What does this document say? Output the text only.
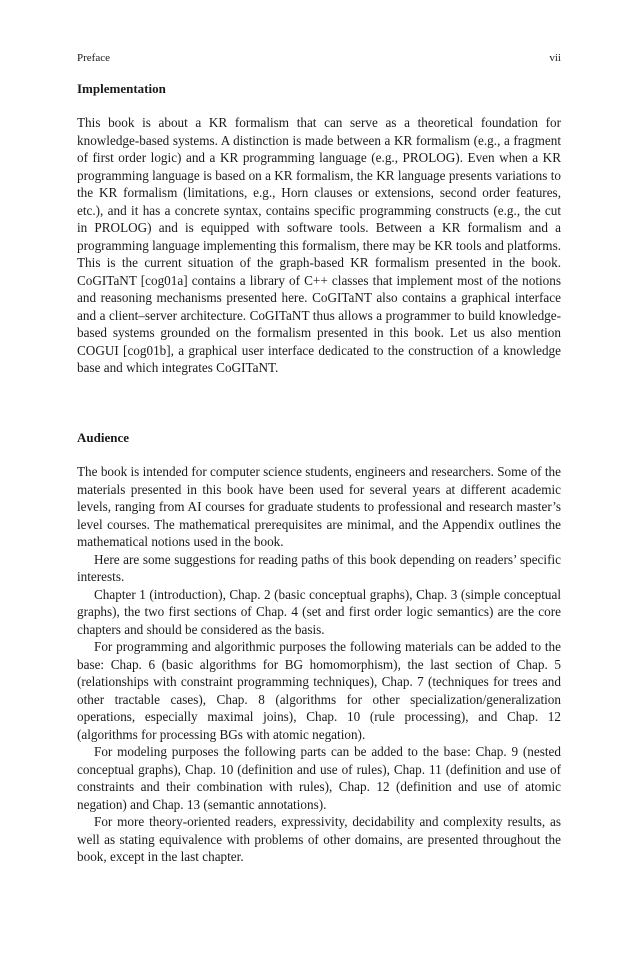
Preface	vii
Implementation

This book is about a KR formalism that can serve as a theoretical foundation for knowledge-based systems. A distinction is made between a KR formalism (e.g., a fragment of first order logic) and a KR programming language (e.g., PROLOG). Even when a KR programming language is based on a KR formalism, the KR language presents variations to the KR formalism (limitations, e.g., Horn clauses or extensions, second order features, etc.), and it has a concrete syntax, contains specific programming constructs (e.g., the cut in PROLOG) and is equipped with software tools. Between a KR formalism and a programming language implementing this formalism, there may be KR tools and platforms. This is the current situation of the graph-based KR formalism presented in the book. CoGITaNT [cog01a] contains a library of C++ classes that implement most of the notions and reasoning mechanisms presented here. CoGITaNT also contains a graphical interface and a client–server architecture. CoGITaNT thus allows a programmer to build knowledge-based systems grounded on the formalism presented in this book. Let us also mention COGUI [cog01b], a graphical user interface dedicated to the construction of a knowledge base and which integrates CoGITaNT.

Audience

The book is intended for computer science students, engineers and researchers. Some of the materials presented in this book have been used for several years at different academic levels, ranging from AI courses for graduate students to professional and research master’s level courses. The mathematical prerequisites are minimal, and the Appendix outlines the mathematical notions used in the book.

Here are some suggestions for reading paths of this book depending on readers’ specific interests.

Chapter 1 (introduction), Chap. 2 (basic conceptual graphs), Chap. 3 (simple conceptual graphs), the two first sections of Chap. 4 (set and first order logic semantics) are the core chapters and should be considered as the basis.

For programming and algorithmic purposes the following materials can be added to the base: Chap. 6 (basic algorithms for BG homomorphism), the last section of Chap. 5 (relationships with constraint programming techniques), Chap. 7 (techniques for trees and other tractable cases), Chap. 8 (algorithms for other specialization/generalization operations, especially maximal joins), Chap. 10 (rule processing), and Chap. 12 (algorithms for processing BGs with atomic negation).

For modeling purposes the following parts can be added to the base: Chap. 9 (nested conceptual graphs), Chap. 10 (definition and use of rules), Chap. 11 (definition and use of constraints and their combination with rules), Chap. 12 (definition and use of atomic negation) and Chap. 13 (semantic annotations).

For more theory-oriented readers, expressivity, decidability and complexity results, as well as stating equivalence with problems of other domains, are presented throughout the book, except in the last chapter.
